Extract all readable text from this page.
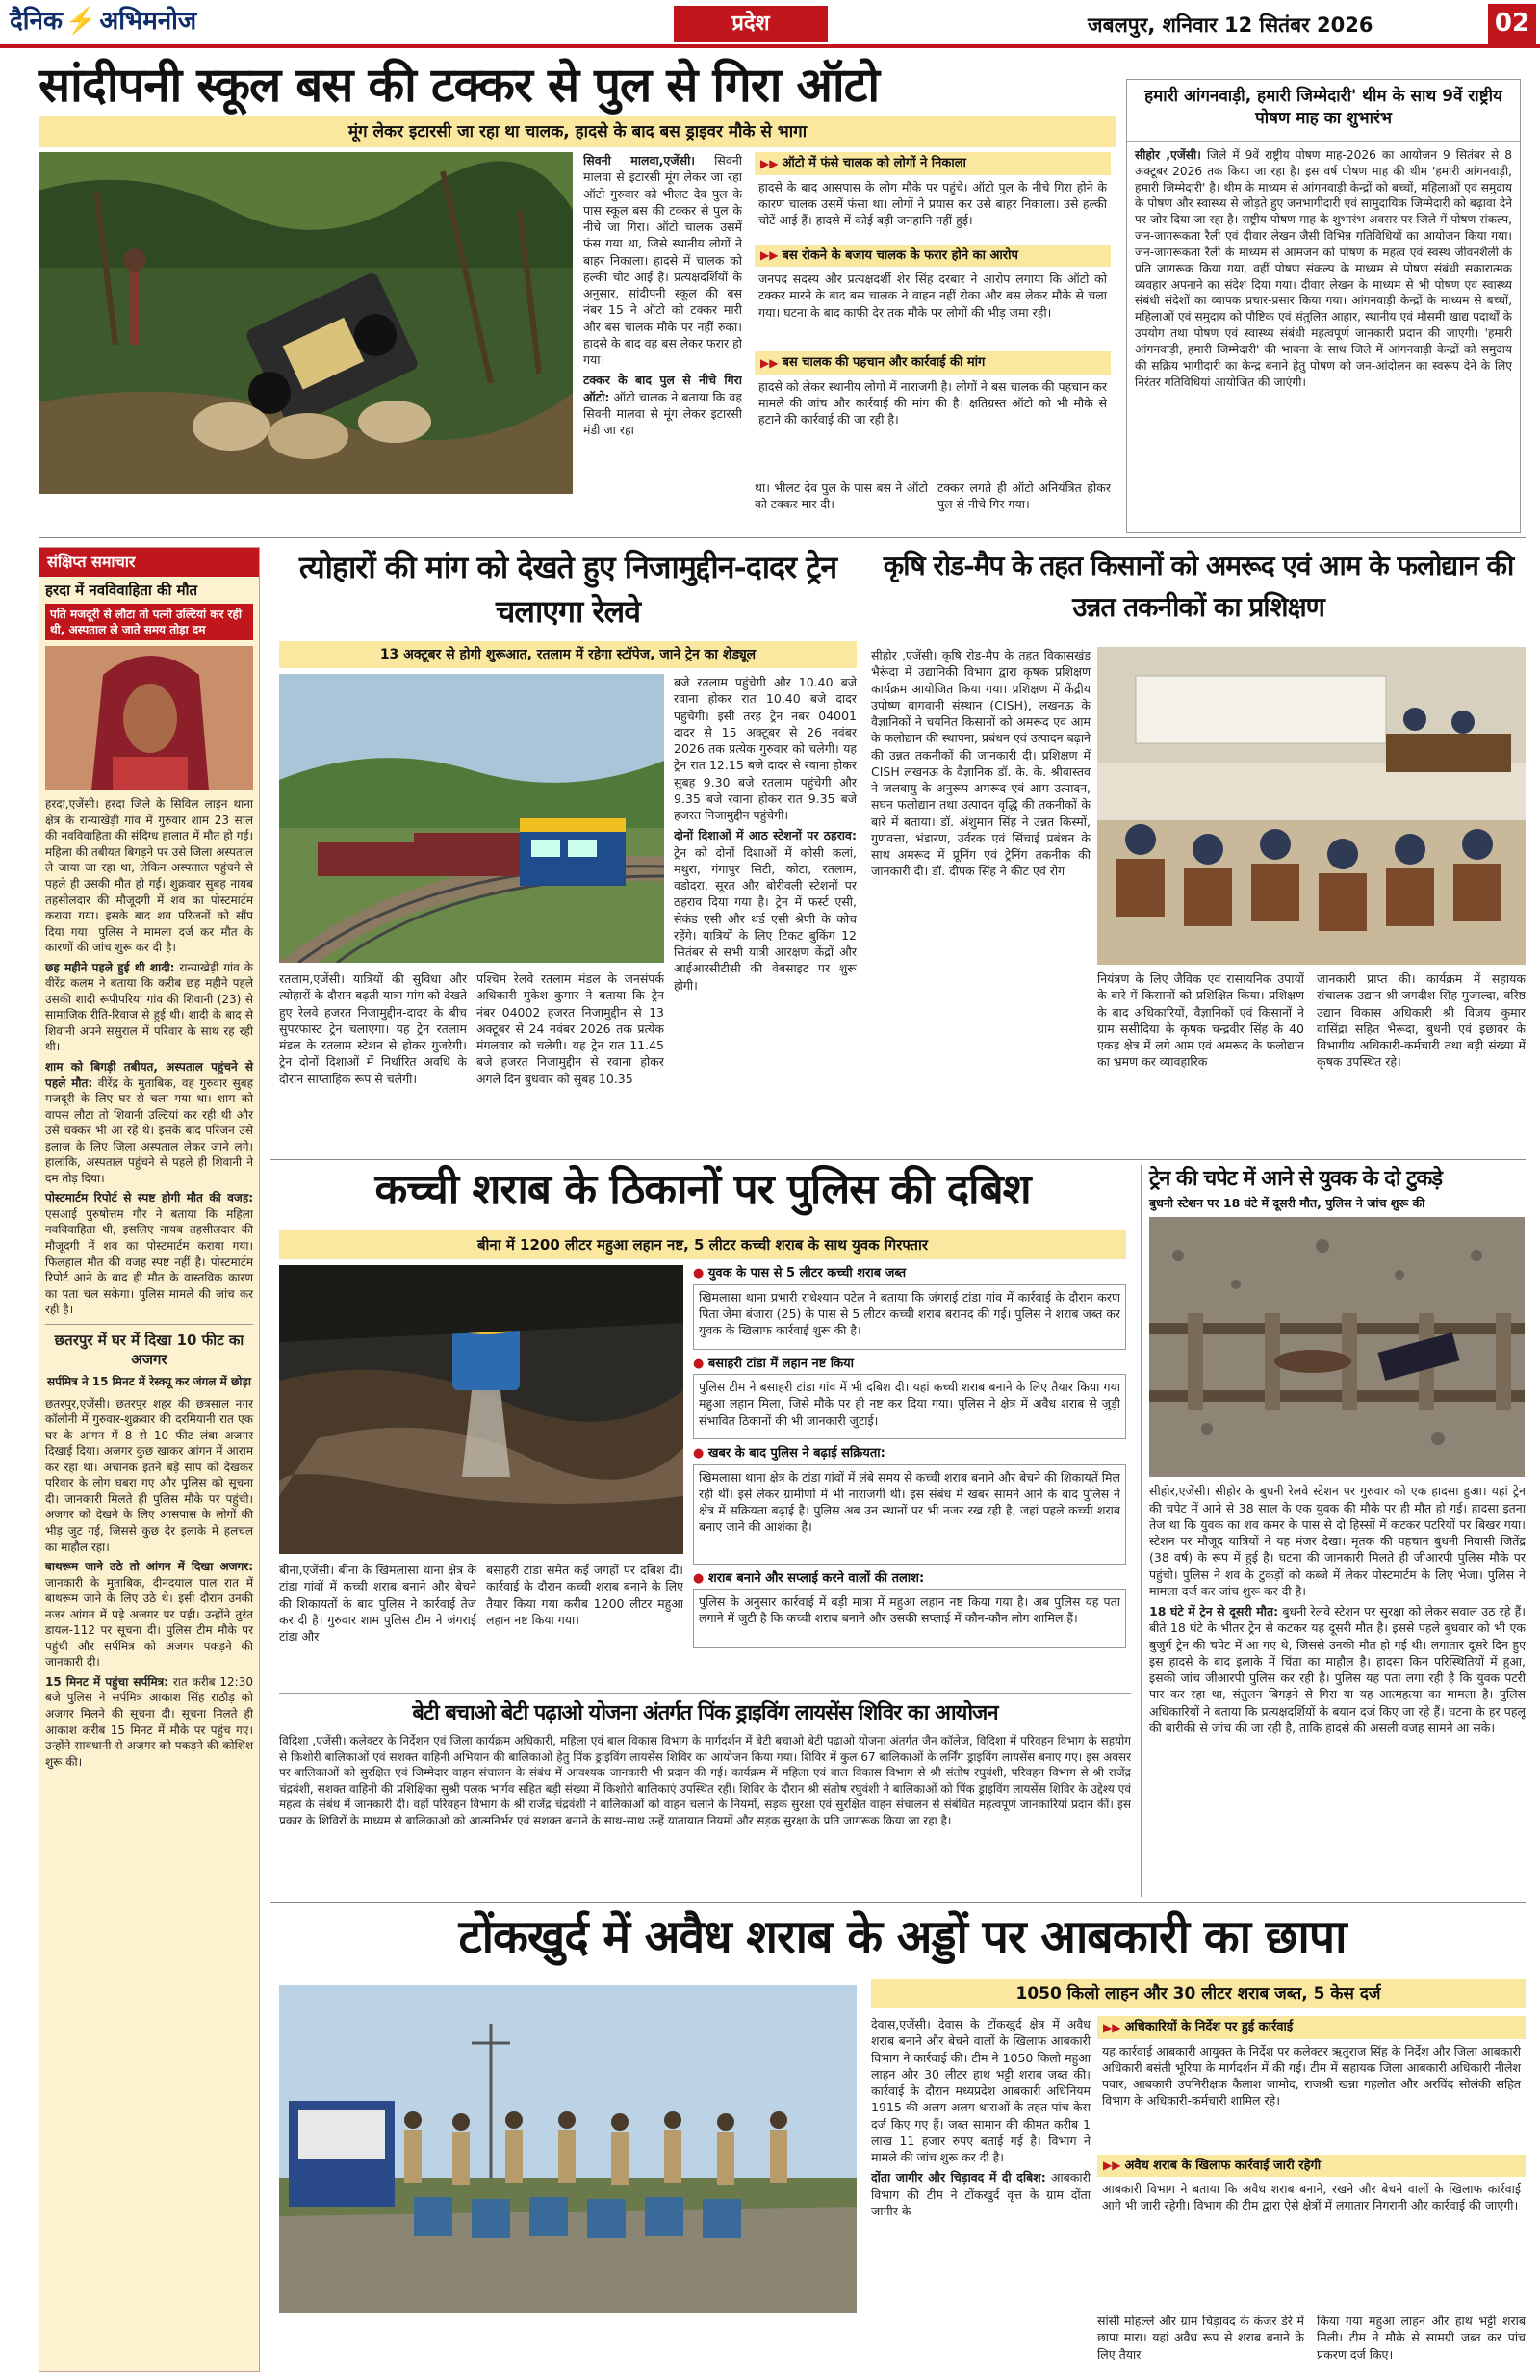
दैनिक ⚡ अभिमनोज	प्रदेश	जबलपुर, शनिवार 12 सितंबर 2026	02
सांदीपनी स्कूल बस की टक्कर से पुल से गिरा ऑटो
मूंग लेकर इटारसी जा रहा था चालक, हादसे के बाद बस ड्राइवर मौके से भागा

सिवनी मालवा,एजेंसी। सिवनी मालवा से इटारसी मूंग लेकर जा रहा ऑटो गुरुवार को भीलट देव पुल के पास स्कूल बस की टक्कर से पुल के नीचे जा गिरा। ऑटो चालक उसमें फंस गया था, जिसे स्थानीय लोगों ने बाहर निकाला। हादसे में चालक को हल्की चोट आई है। प्रत्यक्षदर्शियों के अनुसार, सांदीपनी स्कूल की बस नंबर 15 ने ऑटो को टक्कर मारी और बस चालक मौके पर नहीं रुका। हादसे के बाद वह बस लेकर फरार हो गया।

टक्कर के बाद पुल से नीचे गिरा ऑटो: ऑटो चालक ने बताया कि वह सिवनी मालवा से मूंग लेकर इटारसी मंडी जा रहा

▶▶ ऑटो में फंसे चालक को लोगों ने निकाला
हादसे के बाद आसपास के लोग मौके पर पहुंचे। ऑटो पुल के नीचे गिरा होने के कारण चालक उसमें फंसा था। लोगों ने प्रयास कर उसे बाहर निकाला। उसे हल्की चोटें आई हैं। हादसे में कोई बड़ी जनहानि नहीं हुई।
▶▶ बस रोकने के बजाय चालक के फरार होने का आरोप
जनपद सदस्य और प्रत्यक्षदर्शी शेर सिंह दरबार ने आरोप लगाया कि ऑटो को टक्कर मारने के बाद बस चालक ने वाहन नहीं रोका और बस लेकर मौके से चला गया। घटना के बाद काफी देर तक मौके पर लोगों की भीड़ जमा रही।
▶▶ बस चालक की पहचान और कार्रवाई की मांग
हादसे को लेकर स्थानीय लोगों में नाराजगी है। लोगों ने बस चालक की पहचान कर मामले की जांच और कार्रवाई की मांग की है। क्षतिग्रस्त ऑटो को भी मौके से हटाने की कार्रवाई की जा रही है।
था। भीलट देव पुल के पास बस ने ऑटो को टक्कर मार दी।
टक्कर लगते ही ऑटो अनियंत्रित होकर पुल से नीचे गिर गया।
हमारी आंगनवाड़ी, हमारी जिम्मेदारी' थीम के साथ 9वें राष्ट्रीय पोषण माह का शुभारंभ
सीहोर ,एजेंसी। जिले में 9वें राष्ट्रीय पोषण माह-2026 का आयोजन 9 सितंबर से 8 अक्टूबर 2026 तक किया जा रहा है। इस वर्ष पोषण माह की थीम 'हमारी आंगनवाड़ी, हमारी जिम्मेदारी' है। थीम के माध्यम से आंगनवाड़ी केन्द्रों को बच्चों, महिलाओं एवं समुदाय के पोषण और स्वास्थ्य से जोड़ते हुए जनभागीदारी एवं सामुदायिक जिम्मेदारी को बढ़ावा देने पर जोर दिया जा रहा है। राष्ट्रीय पोषण माह के शुभारंभ अवसर पर जिले में पोषण संकल्प, जन-जागरूकता रैली एवं दीवार लेखन जैसी विभिन्न गतिविधियों का आयोजन किया गया। जन-जागरूकता रैली के माध्यम से आमजन को पोषण के महत्व एवं स्वस्थ जीवनशैली के प्रति जागरूक किया गया, वहीं पोषण संकल्प के माध्यम से पोषण संबंधी सकारात्मक व्यवहार अपनाने का संदेश दिया गया। दीवार लेखन के माध्यम से भी पोषण एवं स्वास्थ्य संबंधी संदेशों का व्यापक प्रचार-प्रसार किया गया। आंगनवाड़ी केन्द्रों के माध्यम से बच्चों, महिलाओं एवं समुदाय को पौष्टिक एवं संतुलित आहार, स्थानीय एवं मौसमी खाद्य पदार्थों के उपयोग तथा पोषण एवं स्वास्थ्य संबंधी महत्वपूर्ण जानकारी प्रदान की जाएगी। 'हमारी आंगनवाड़ी, हमारी जिम्मेदारी' की भावना के साथ जिले में आंगनवाड़ी केन्द्रों को समुदाय की सक्रिय भागीदारी का केन्द्र बनाने हेतु पोषण को जन-आंदोलन का स्वरूप देने के लिए निरंतर गतिविधियां आयोजित की जाएंगी।
संक्षिप्त समाचार
हरदा में नवविवाहिता की मौत
पति मजदूरी से लौटा तो पत्नी उल्टियां कर रही थी, अस्पताल ले जाते समय तोड़ा दम

हरदा,एजेंसी। हरदा जिले के सिविल लाइन थाना क्षेत्र के रान्याखेड़ी गांव में गुरुवार शाम 23 साल की नवविवाहिता की संदिग्ध हालात में मौत हो गई। महिला की तबीयत बिगड़ने पर उसे जिला अस्पताल ले जाया जा रहा था, लेकिन अस्पताल पहुंचने से पहले ही उसकी मौत हो गई। शुक्रवार सुबह नायब तहसीलदार की मौजूदगी में शव का पोस्टमार्टम कराया गया। इसके बाद शव परिजनों को सौंप दिया गया। पुलिस ने मामला दर्ज कर मौत के कारणों की जांच शुरू कर दी है।

छह महीने पहले हुई थी शादी: रान्याखेड़ी गांव के वीरेंद्र कलम ने बताया कि करीब छह महीने पहले उसकी शादी रूपीपरिया गांव की शिवानी (23) से सामाजिक रीति-रिवाज से हुई थी। शादी के बाद से शिवानी अपने ससुराल में परिवार के साथ रह रही थी।

शाम को बिगड़ी तबीयत, अस्पताल पहुंचने से पहले मौत: वीरेंद्र के मुताबिक, वह गुरुवार सुबह मजदूरी के लिए घर से चला गया था। शाम को वापस लौटा तो शिवानी उल्टियां कर रही थी और उसे चक्कर भी आ रहे थे। इसके बाद परिजन उसे इलाज के लिए जिला अस्पताल लेकर जाने लगे। हालांकि, अस्पताल पहुंचने से पहले ही शिवानी ने दम तोड़ दिया।

पोस्टमार्टम रिपोर्ट से स्पष्ट होगी मौत की वजह: एसआई पुरुषोत्तम गौर ने बताया कि महिला नवविवाहिता थी, इसलिए नायब तहसीलदार की मौजूदगी में शव का पोस्टमार्टम कराया गया। फिलहाल मौत की वजह स्पष्ट नहीं है। पोस्टमार्टम रिपोर्ट आने के बाद ही मौत के वास्तविक कारण का पता चल सकेगा। पुलिस मामले की जांच कर रही है।

छतरपुर में घर में दिखा 10 फीट का अजगर
सर्पमित्र ने 15 मिनट में रेस्क्यू कर जंगल में छोड़ा

छतरपुर,एजेंसी। छतरपुर शहर की छत्रसाल नगर कॉलोनी में गुरुवार-शुक्रवार की दरमियानी रात एक घर के आंगन में 8 से 10 फीट लंबा अजगर दिखाई दिया। अजगर कुछ खाकर आंगन में आराम कर रहा था। अचानक इतने बड़े सांप को देखकर परिवार के लोग घबरा गए और पुलिस को सूचना दी। जानकारी मिलते ही पुलिस मौके पर पहुंची। अजगर को देखने के लिए आसपास के लोगों की भीड़ जुट गई, जिससे कुछ देर इलाके में हलचल का माहौल रहा।

बाथरूम जाने उठे तो आंगन में दिखा अजगर: जानकारी के मुताबिक, दीनदयाल पाल रात में बाथरूम जाने के लिए उठे थे। इसी दौरान उनकी नजर आंगन में पड़े अजगर पर पड़ी। उन्होंने तुरंत डायल-112 पर सूचना दी। पुलिस टीम मौके पर पहुंची और सर्पमित्र को अजगर पकड़ने की जानकारी दी।

15 मिनट में पहुंचा सर्पमित्र: रात करीब 12:30 बजे पुलिस ने सर्पमित्र आकाश सिंह राठौड़ को अजगर मिलने की सूचना दी। सूचना मिलते ही आकाश करीब 15 मिनट में मौके पर पहुंच गए। उन्होंने सावधानी से अजगर को पकड़ने की कोशिश शुरू की।

त्योहारों की मांग को देखते हुए निजामुद्दीन-दादर ट्रेन चलाएगा रेलवे
13 अक्टूबर से होगी शुरूआत, रतलाम में रहेगा स्टॉपेज, जाने ट्रेन का शेड्यूल

बजे रतलाम पहुंचेगी और 10.40 बजे रवाना होकर रात 10.40 बजे दादर पहुंचेगी। इसी तरह ट्रेन नंबर 04001 दादर से 15 अक्टूबर से 26 नवंबर 2026 तक प्रत्येक गुरुवार को चलेगी। यह ट्रेन रात 12.15 बजे दादर से रवाना होकर सुबह 9.30 बजे रतलाम पहुंचेगी और 9.35 बजे रवाना होकर रात 9.35 बजे हजरत निजामुद्दीन पहुंचेगी।

दोनों दिशाओं में आठ स्टेशनों पर ठहराव: ट्रेन को दोनों दिशाओं में कोसी कलां, मथुरा, गंगापुर सिटी, कोटा, रतलाम, वडोदरा, सूरत और बोरीवली स्टेशनों पर ठहराव दिया गया है। ट्रेन में फर्स्ट एसी, सेकंड एसी और थर्ड एसी श्रेणी के कोच रहेंगे। यात्रियों के लिए टिकट बुकिंग 12 सितंबर से सभी यात्री आरक्षण केंद्रों और आईआरसीटीसी की वेबसाइट पर शुरू होगी।

रतलाम,एजेंसी। यात्रियों की सुविधा और त्योहारों के दौरान बढ़ती यात्रा मांग को देखते हुए रेलवे हजरत निजामुद्दीन-दादर के बीच सुपरफास्ट ट्रेन चलाएगा। यह ट्रेन रतलाम मंडल के रतलाम स्टेशन से होकर गुजरेगी। ट्रेन दोनों दिशाओं में निर्धारित अवधि के दौरान साप्ताहिक रूप से चलेगी।
पश्चिम रेलवे रतलाम मंडल के जनसंपर्क अधिकारी मुकेश कुमार ने बताया कि ट्रेन नंबर 04002 हजरत निजामुद्दीन से 13 अक्टूबर से 24 नवंबर 2026 तक प्रत्येक मंगलवार को चलेगी। यह ट्रेन रात 11.45 बजे हजरत निजामुद्दीन से रवाना होकर अगले दिन बुधवार को सुबह 10.35
कृषि रोड-मैप के तहत किसानों को अमरूद एवं आम के फलोद्यान की उन्नत तकनीकों का प्रशिक्षण
सीहोर ,एजेंसी। कृषि रोड-मैप के तहत विकासखंड भैरूंदा में उद्यानिकी विभाग द्वारा कृषक प्रशिक्षण कार्यक्रम आयोजित किया गया। प्रशिक्षण में केंद्रीय उपोष्ण बागवानी संस्थान (CISH), लखनऊ के वैज्ञानिकों ने चयनित किसानों को अमरूद एवं आम के फलोद्यान की स्थापना, प्रबंधन एवं उत्पादन बढ़ाने की उन्नत तकनीकों की जानकारी दी। प्रशिक्षण में CISH लखनऊ के वैज्ञानिक डॉ. के. के. श्रीवास्तव ने जलवायु के अनुरूप अमरूद एवं आम उत्पादन, सघन फलोद्यान तथा उत्पादन वृद्धि की तकनीकों के बारे में बताया। डॉ. अंशुमान सिंह ने उन्नत किस्मों, गुणवत्ता, भंडारण, उर्वरक एवं सिंचाई प्रबंधन के साथ अमरूद में प्रूनिंग एवं ट्रेनिंग तकनीक की जानकारी दी। डॉ. दीपक सिंह ने कीट एवं रोग
नियंत्रण के लिए जैविक एवं रासायनिक उपायों के बारे में किसानों को प्रशिक्षित किया। प्रशिक्षण के बाद अधिकारियों, वैज्ञानिकों एवं किसानों ने ग्राम ससीदिया के कृषक चन्द्रवीर सिंह के 40 एकड़ क्षेत्र में लगे आम एवं अमरूद के फलोद्यान का भ्रमण कर व्यावहारिक
जानकारी प्राप्त की। कार्यक्रम में सहायक संचालक उद्यान श्री जगदीश सिंह मुजाल्दा, वरिष्ठ उद्यान विकास अधिकारी श्री विजय कुमार वासिंद्रा सहित भैरूंदा, बुधनी एवं इछावर के विभागीय अधिकारी-कर्मचारी तथा बड़ी संख्या में कृषक उपस्थित रहे।
कच्ची शराब के ठिकानों पर पुलिस की दबिश
बीना में 1200 लीटर महुआ लहान नष्ट, 5 लीटर कच्ची शराब के साथ युवक गिरफ्तार
● युवक के पास से 5 लीटर कच्ची शराब जब्त
खिमलासा थाना प्रभारी राधेश्याम पटेल ने बताया कि जंगराई टांडा गांव में कार्रवाई के दौरान करण पिता जेमा बंजारा (25) के पास से 5 लीटर कच्ची शराब बरामद की गई। पुलिस ने शराब जब्त कर युवक के खिलाफ कार्रवाई शुरू की है।
● बसाहरी टांडा में लहान नष्ट किया
पुलिस टीम ने बसाहरी टांडा गांव में भी दबिश दी। यहां कच्ची शराब बनाने के लिए तैयार किया गया महुआ लहान मिला, जिसे मौके पर ही नष्ट कर दिया गया। पुलिस ने क्षेत्र में अवैध शराब से जुड़ी संभावित ठिकानों की भी जानकारी जुटाई।
● खबर के बाद पुलिस ने बढ़ाई सक्रियता:
खिमलासा थाना क्षेत्र के टांडा गांवों में लंबे समय से कच्ची शराब बनाने और बेचने की शिकायतें मिल रही थीं। इसे लेकर ग्रामीणों में भी नाराजगी थी। इस संबंध में खबर सामने आने के बाद पुलिस ने क्षेत्र में सक्रियता बढ़ाई है। पुलिस अब उन स्थानों पर भी नजर रख रही है, जहां पहले कच्ची शराब बनाए जाने की आशंका है।
● शराब बनाने और सप्लाई करने वालों की तलाश:
पुलिस के अनुसार कार्रवाई में बड़ी मात्रा में महुआ लहान नष्ट किया गया है। अब पुलिस यह पता लगाने में जुटी है कि कच्ची शराब बनाने और उसकी सप्लाई में कौन-कौन लोग शामिल हैं।
बीना,एजेंसी। बीना के खिमलासा थाना क्षेत्र के टांडा गांवों में कच्ची शराब बनाने और बेचने की शिकायतों के बाद पुलिस ने कार्रवाई तेज कर दी है। गुरुवार शाम पुलिस टीम ने जंगराई टांडा और
बसाहरी टांडा समेत कई जगहों पर दबिश दी। कार्रवाई के दौरान कच्ची शराब बनाने के लिए तैयार किया गया करीब 1200 लीटर महुआ लहान नष्ट किया गया।
ट्रेन की चपेट में आने से युवक के दो टुकड़े
बुधनी स्टेशन पर 18 घंटे में दूसरी मौत, पुलिस ने जांच शुरू की

सीहोर,एजेंसी। सीहोर के बुधनी रेलवे स्टेशन पर गुरुवार को एक हादसा हुआ। यहां ट्रेन की चपेट में आने से 38 साल के एक युवक की मौके पर ही मौत हो गई। हादसा इतना तेज था कि युवक का शव कमर के पास से दो हिस्सों में कटकर पटरियों पर बिखर गया। स्टेशन पर मौजूद यात्रियों ने यह मंजर देखा। मृतक की पहचान बुधनी निवासी जितेंद्र (38 वर्ष) के रूप में हुई है। घटना की जानकारी मिलते ही जीआरपी पुलिस मौके पर पहुंची। पुलिस ने शव के टुकड़ों को कब्जे में लेकर पोस्टमार्टम के लिए भेजा। पुलिस ने मामला दर्ज कर जांच शुरू कर दी है।

18 घंटे में ट्रेन से दूसरी मौत: बुधनी रेलवे स्टेशन पर सुरक्षा को लेकर सवाल उठ रहे हैं। बीते 18 घंटे के भीतर ट्रेन से कटकर यह दूसरी मौत है। इससे पहले बुधवार को भी एक बुजुर्ग ट्रेन की चपेट में आ गए थे, जिससे उनकी मौत हो गई थी। लगातार दूसरे दिन हुए इस हादसे के बाद इलाके में चिंता का माहौल है। हादसा किन परिस्थितियों में हुआ, इसकी जांच जीआरपी पुलिस कर रही है। पुलिस यह पता लगा रही है कि युवक पटरी पार कर रहा था, संतुलन बिगड़ने से गिरा या यह आत्महत्या का मामला है। पुलिस अधिकारियों ने बताया कि प्रत्यक्षदर्शियों के बयान दर्ज किए जा रहे हैं। घटना के हर पहलू की बारीकी से जांच की जा रही है, ताकि हादसे की असली वजह सामने आ सके।

बेटी बचाओ बेटी पढ़ाओ योजना अंतर्गत पिंक ड्राइविंग लायसेंस शिविर का आयोजन
विदिशा ,एजेंसी। कलेक्टर के निर्देशन एवं जिला कार्यक्रम अधिकारी, महिला एवं बाल विकास विभाग के मार्गदर्शन में बेटी बचाओ बेटी पढ़ाओ योजना अंतर्गत जैन कॉलेज, विदिशा में परिवहन विभाग के सहयोग से किशोरी बालिकाओं एवं सशक्त वाहिनी अभियान की बालिकाओं हेतु पिंक ड्राइविंग लायसेंस शिविर का आयोजन किया गया। शिविर में कुल 67 बालिकाओं के लर्निंग ड्राइविंग लायसेंस बनाए गए। इस अवसर पर बालिकाओं को सुरक्षित एवं जिम्मेदार वाहन संचालन के संबंध में आवश्यक जानकारी भी प्रदान की गई। कार्यक्रम में महिला एवं बाल विकास विभाग से श्री संतोष रघुवंशी, परिवहन विभाग से श्री राजेंद्र चंद्रवंशी, सशक्त वाहिनी की प्रशिक्षिका सुश्री पलक भार्गव सहित बड़ी संख्या में किशोरी बालिकाएं उपस्थित रहीं। शिविर के दौरान श्री संतोष रघुवंशी ने बालिकाओं को पिंक ड्राइविंग लायसेंस शिविर के उद्देश्य एवं महत्व के संबंध में जानकारी दी। वहीं परिवहन विभाग के श्री राजेंद्र चंद्रवंशी ने बालिकाओं को वाहन चलाने के नियमों, सड़क सुरक्षा एवं सुरक्षित वाहन संचालन से संबंधित महत्वपूर्ण जानकारियां प्रदान कीं। इस प्रकार के शिविरों के माध्यम से बालिकाओं को आत्मनिर्भर एवं सशक्त बनाने के साथ-साथ उन्हें यातायात नियमों और सड़क सुरक्षा के प्रति जागरूक किया जा रहा है।
टोंकखुर्द में अवैध शराब के अड्डों पर आबकारी का छापा
1050 किलो लाहन और 30 लीटर शराब जब्त, 5 केस दर्ज

देवास,एजेंसी। देवास के टोंकखुर्द क्षेत्र में अवैध शराब बनाने और बेचने वालों के खिलाफ आबकारी विभाग ने कार्रवाई की। टीम ने 1050 किलो महुआ लाहन और 30 लीटर हाथ भट्टी शराब जब्त की। कार्रवाई के दौरान मध्यप्रदेश आबकारी अधिनियम 1915 की अलग-अलग धाराओं के तहत पांच केस दर्ज किए गए हैं। जब्त सामान की कीमत करीब 1 लाख 11 हजार रुपए बताई गई है। विभाग ने मामले की जांच शुरू कर दी है।

दोंता जागीर और चिड़ावद में दी दबिश: आबकारी विभाग की टीम ने टोंकखुर्द वृत्त के ग्राम दोंता जागीर के

▶▶ अधिकारियों के निर्देश पर हुई कार्रवाई
यह कार्रवाई आबकारी आयुक्त के निर्देश पर कलेक्टर ऋतुराज सिंह के निर्देश और जिला आबकारी अधिकारी बसंती भूरिया के मार्गदर्शन में की गई। टीम में सहायक जिला आबकारी अधिकारी नीलेश पवार, आबकारी उपनिरीक्षक कैलाश जामोद, राजश्री खन्ना गहलोत और अरविंद सोलंकी सहित विभाग के अधिकारी-कर्मचारी शामिल रहे।
▶▶ अवैध शराब के खिलाफ कार्रवाई जारी रहेगी
आबकारी विभाग ने बताया कि अवैध शराब बनाने, रखने और बेचने वालों के खिलाफ कार्रवाई आगे भी जारी रहेगी। विभाग की टीम द्वारा ऐसे क्षेत्रों में लगातार निगरानी और कार्रवाई की जाएगी।
सांसी मोहल्ले और ग्राम चिड़ावद के कंजर डेरे में छापा मारा। यहां अवैध रूप से शराब बनाने के लिए तैयार
किया गया महुआ लाहन और हाथ भट्टी शराब मिली। टीम ने मौके से सामग्री जब्त कर पांच प्रकरण दर्ज किए।
